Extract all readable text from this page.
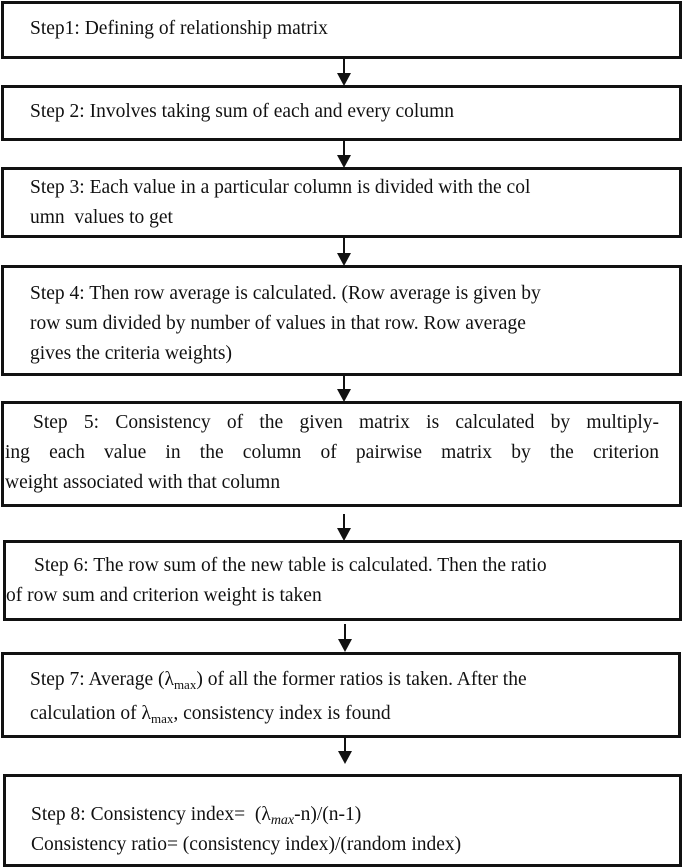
Step1: Defining of relationship matrix
Step 2: Involves taking sum of each and every column
Step 3: Each value in a particular column is divided with the col
umn  values to get
Step 4: Then row average is calculated. (Row average is given by
row sum divided by number of values in that row. Row average
gives the criteria weights)
Step 5: Consistency of the given matrix is calculated by multiply-
ing each value in the column of pairwise matrix by the criterion
weight associated with that column
Step 6: The row sum of the new table is calculated. Then the ratio
of row sum and criterion weight is taken
Step 7: Average $(\lambda_{max})$ of all the former ratios is taken. After the
calculation of $\lambda_{max}$, consistency index is found
Step 8: Consistency index=  $(\lambda_{max}-n)/(n-1)$
Consistency ratio= (consistency index)/(random index)
